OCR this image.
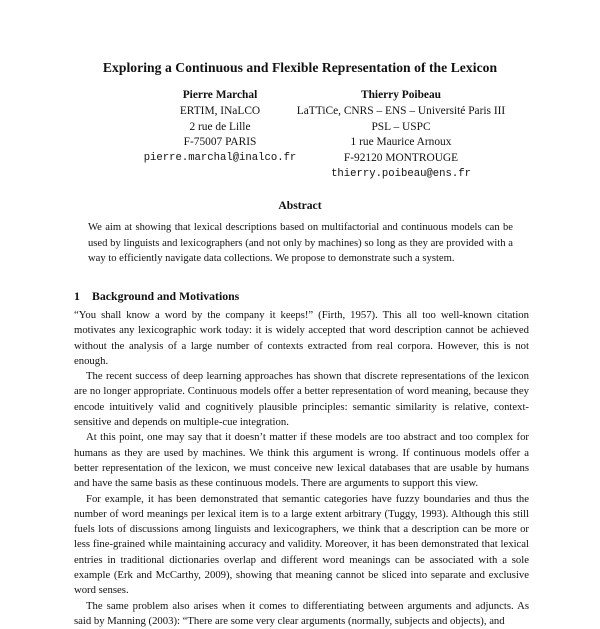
Exploring a Continuous and Flexible Representation of the Lexicon
Pierre Marchal
ERTIM, INaLCO
2 rue de Lille
F-75007 PARIS
pierre.marchal@inalco.fr
Thierry Poibeau
LaTTiCe, CNRS – ENS – Université Paris III
PSL – USPC
1 rue Maurice Arnoux
F-92120 MONTROUGE
thierry.poibeau@ens.fr
Abstract
We aim at showing that lexical descriptions based on multifactorial and continuous models can be used by linguists and lexicographers (and not only by machines) so long as they are provided with a way to efficiently navigate data collections. We propose to demonstrate such a system.
1 Background and Motivations

“You shall know a word by the company it keeps!” (Firth, 1957). This all too well-known citation motivates any lexicographic work today: it is widely accepted that word description cannot be achieved without the analysis of a large number of contexts extracted from real corpora. However, this is not enough.

The recent success of deep learning approaches has shown that discrete representations of the lexicon are no longer appropriate. Continuous models offer a better representation of word meaning, because they encode intuitively valid and cognitively plausible principles: semantic similarity is relative, context-sensitive and depends on multiple-cue integration.

At this point, one may say that it doesn’t matter if these models are too abstract and too complex for humans as they are used by machines. We think this argument is wrong. If continuous models offer a better representation of the lexicon, we must conceive new lexical databases that are usable by humans and have the same basis as these continuous models. There are arguments to support this view.

For example, it has been demonstrated that semantic categories have fuzzy boundaries and thus the number of word meanings per lexical item is to a large extent arbitrary (Tuggy, 1993). Although this still fuels lots of discussions among linguists and lexicographers, we think that a description can be more or less fine-grained while maintaining accuracy and validity. Moreover, it has been demonstrated that lexical entries in traditional dictionaries overlap and different word meanings can be associated with a sole example (Erk and McCarthy, 2009), showing that meaning cannot be sliced into separate and exclusive word senses.

The same problem also arises when it comes to differentiating between arguments and adjuncts. As said by Manning (2003): “There are some very clear arguments (normally, subjects and objects), and
